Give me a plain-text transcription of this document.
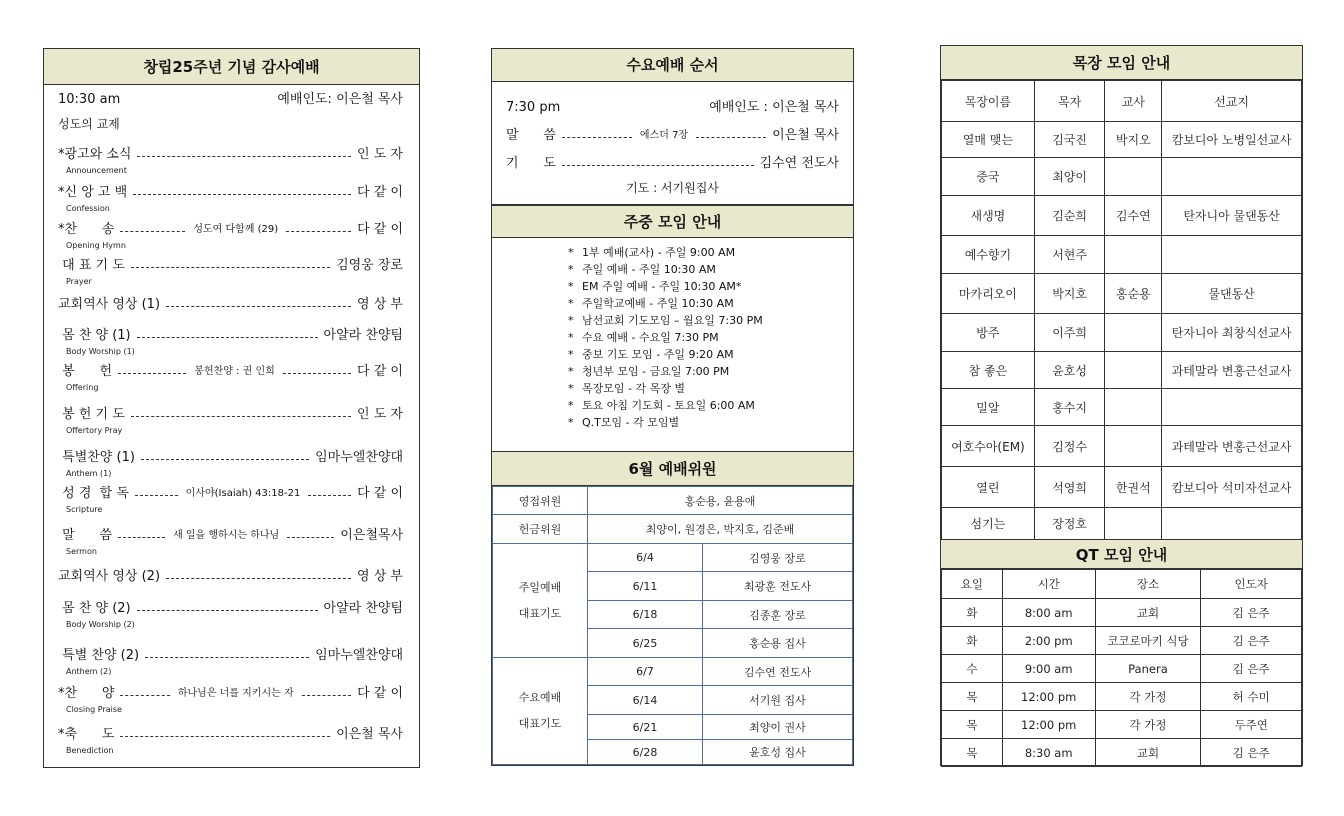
창립25주년 기념 감사예배
10:30 am	예배인도: 이은철 목사
성도의 교제
*광고와 소식	인 도 자
Announcement
*신 앙 고 백	다 같 이
Confession
*찬      송	성도여 다함께 (29)	다 같 이
Opening Hymn
대 표 기 도	김영웅 장로
Prayer
교회역사 영상 (1)	영 상 부
몸 찬 양 (1)	아얄라 찬양팀
Body Worship (1)
봉      헌	봉헌찬양 : 권 인희	다 같 이
Offering
봉 헌 기 도	인 도 자
Offertory Pray
특별찬양 (1)	임마누엘찬양대
Anthem (1)
성 경  합 독	이사야(Isaiah) 43:18-21	다 같 이
Scripture
말      씀	새 일을 행하시는 하나님	이은철목사
Sermon
교회역사 영상 (2)	영 상 부
몸 찬 양 (2)	아얄라 찬양팀
Body Worship (2)
특별 찬양 (2)	임마누엘찬양대
Anthem (2)
*찬      양	하나님은 너를 지키시는 자	다 같 이
Closing Praise
*축      도	이은철 목사
Benediction
수요예배 순서
7:30 pm	예배인도 : 이은철 목사
말      씀	에스더 7장	이은철 목사
기      도	김수연 전도사
기도 : 서기원집사
주중 모임 안내
* 1부 예배(교사) - 주일 9:00 AM
* 주일 예배 - 주일 10:30 AM
* EM 주일 예배 - 주일 10:30 AM*
* 주일학교예배 - 주일 10:30 AM
* 남선교회 기도모임 – 월요일 7:30 PM
* 수요 예배 - 수요일 7:30 PM
* 중보 기도 모임 - 주일 9:20 AM
* 청년부 모임 - 금요일 7:00 PM
* 목장모임 - 각 목장 별
* 토요 아침 기도회 - 토요일 6:00 AM
* Q.T모임 - 각 모임별
6월 예배위원
영접위원	홍순용, 윤용애	
헌금위원	최양이, 원경은, 박지호, 김준배	

주일예배
대표기도	6/4	김영웅 장로
	6/11	최광훈 전도사
	6/18	김종훈 장로
	6/25	홍순용 집사

수요예배
대표기도	6/7	김수연 전도사
	6/14	서기원 집사
	6/21	최양이 권사
	6/28	윤호성 집사
목장 모임 안내
목장이름	목자	교사	선교지
열매 맺는	김국진	박지오	캄보디아 노병일선교사
중국	최양이		
새생명	김순희	김수연	탄자니아 물댄동산
예수향기	서현주		
마카리오이	박지호	홍순용	물댄동산
방주	이주희		탄자니아 최창식선교사
참 좋은	윤호성		과테말라 변홍근선교사
밀알	홍수지		
여호수아(EM)	김정수		과테말라 변홍근선교사
열린	석영희	한권석	캄보디아 석미자선교사
섬기는	장정호		
QT 모임 안내
요일	시간	장소	인도자
화	8:00 am	교회	김 은주
화	2:00 pm	코코로마키 식당	김 은주
수	9:00 am	Panera	김 은주
목	12:00 pm	각 가정	허 수미
목	12:00 pm	각 가정	두주연
목	8:30 am	교회	김 은주
